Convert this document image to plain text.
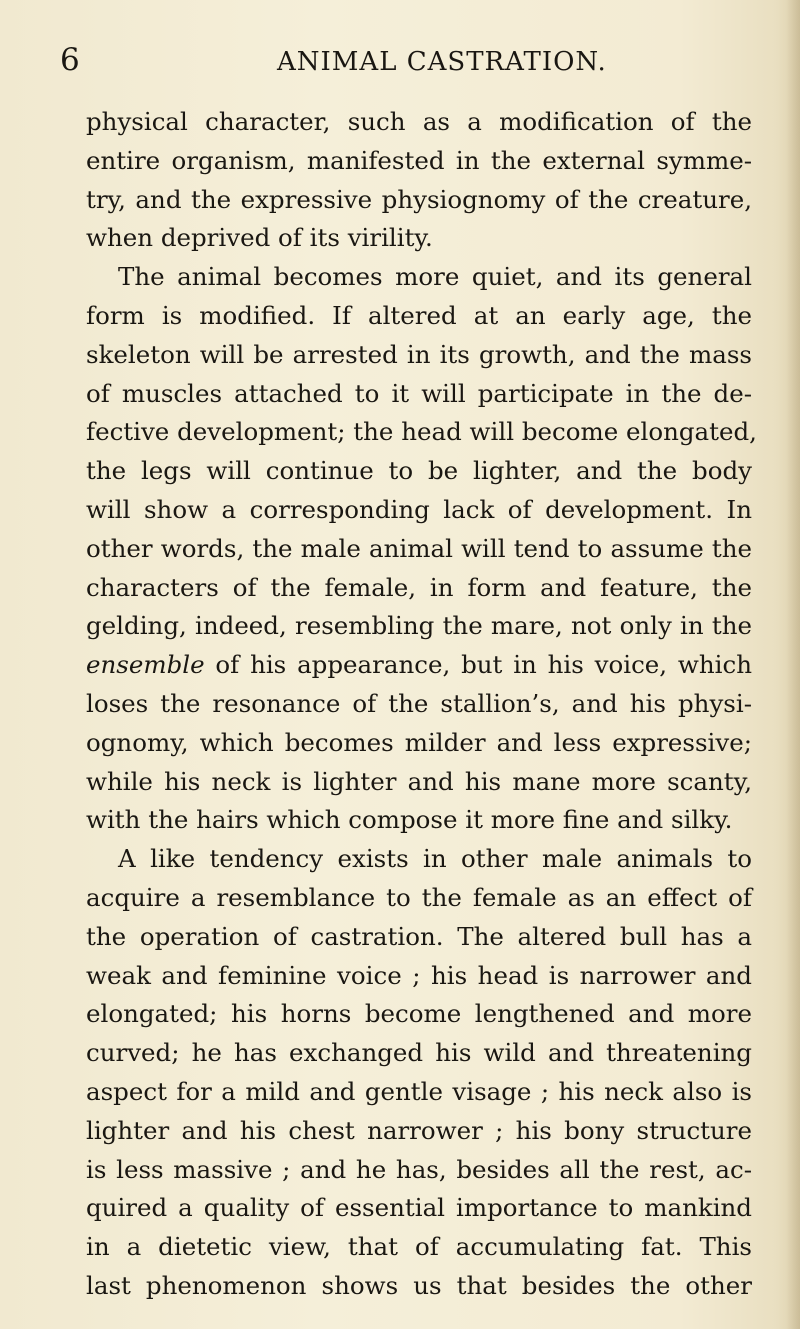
6	ANIMAL CASTRATION.
physical character, such as a modification of the
entire organism, manifested in the external symme-
try, and the expressive physiognomy of the creature,
when deprived of its virility.
The animal becomes more quiet, and its general
form is modified. If altered at an early age, the
skeleton will be arrested in its growth, and the mass
of muscles attached to it will participate in the de-
fective development; the head will become elongated,
the legs will continue to be lighter, and the body
will show a corresponding lack of development. In
other words, the male animal will tend to assume the
characters of the female, in form and feature, the
gelding, indeed, resembling the mare, not only in the
ensemble of his appearance, but in his voice, which
loses the resonance of the stallion’s, and his physi-
ognomy, which becomes milder and less expressive;
while his neck is lighter and his mane more scanty,
with the hairs which compose it more fine and silky.
A like tendency exists in other male animals to
acquire a resemblance to the female as an effect of
the operation of castration. The altered bull has a
weak and feminine voice ; his head is narrower and
elongated; his horns become lengthened and more
curved; he has exchanged his wild and threatening
aspect for a mild and gentle visage ; his neck also is
lighter and his chest narrower ; his bony structure
is less massive ; and he has, besides all the rest, ac-
quired a quality of essential importance to mankind
in a dietetic view, that of accumulating fat. This
last phenomenon shows us that besides the other
